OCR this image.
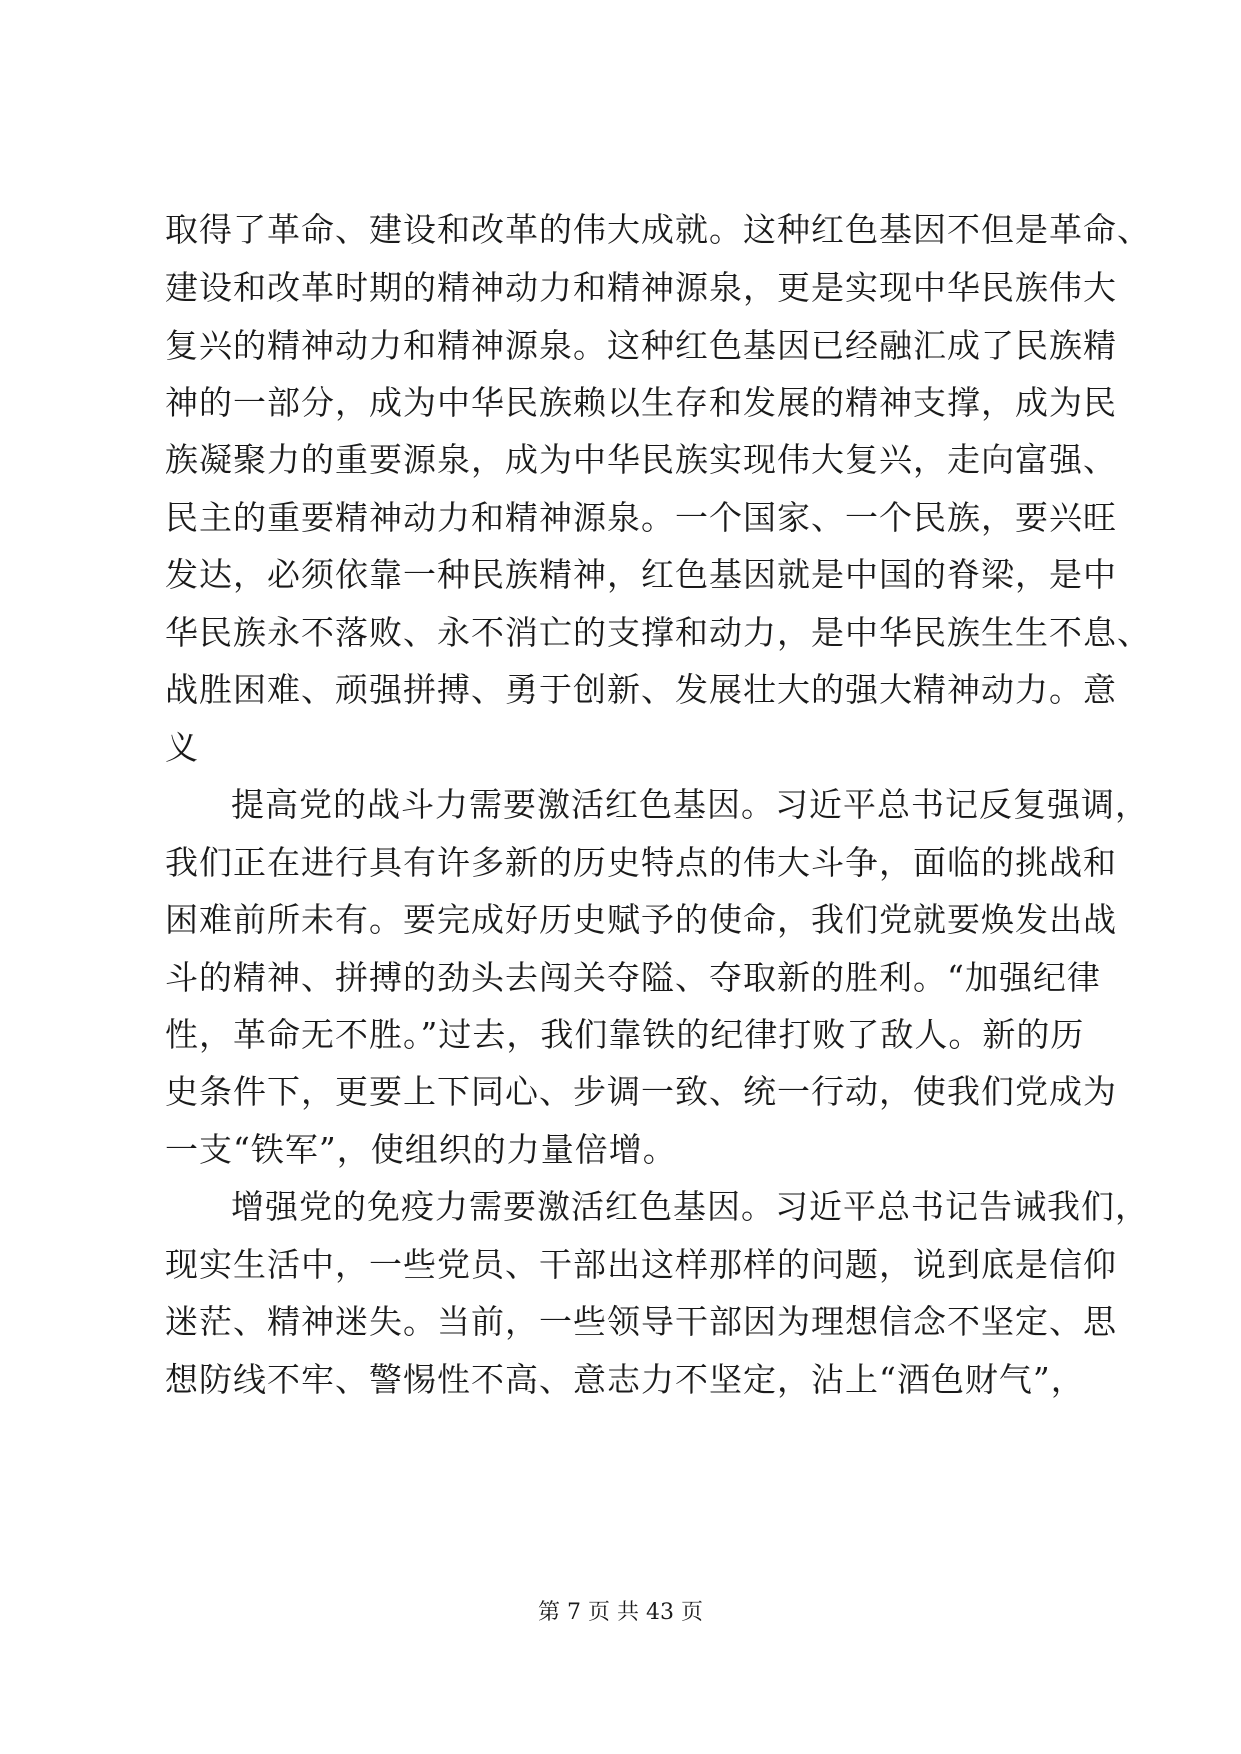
取得了革命、建设和改革的伟大成就。这种红色基因不但是革命、
建设和改革时期的精神动力和精神源泉，更是实现中华民族伟大
复兴的精神动力和精神源泉。这种红色基因已经融汇成了民族精
神的一部分，成为中华民族赖以生存和发展的精神支撑，成为民
族凝聚力的重要源泉，成为中华民族实现伟大复兴，走向富强、
民主的重要精神动力和精神源泉。一个国家、一个民族，要兴旺
发达，必须依靠一种民族精神，红色基因就是中国的脊梁，是中
华民族永不落败、永不消亡的支撑和动力，是中华民族生生不息、
战胜困难、顽强拼搏、勇于创新、发展壮大的强大精神动力。意
义
提高党的战斗力需要激活红色基因。习近平总书记反复强调，
我们正在进行具有许多新的历史特点的伟大斗争，面临的挑战和
困难前所未有。要完成好历史赋予的使命，我们党就要焕发出战
斗的精神、拼搏的劲头去闯关夺隘、夺取新的胜利。“加强纪律
性，革命无不胜。”过去，我们靠铁的纪律打败了敌人。新的历
史条件下，更要上下同心、步调一致、统一行动，使我们党成为
一支“铁军”，使组织的力量倍增。
增强党的免疫力需要激活红色基因。习近平总书记告诫我们，
现实生活中，一些党员、干部出这样那样的问题，说到底是信仰
迷茫、精神迷失。当前，一些领导干部因为理想信念不坚定、思
想防线不牢、警惕性不高、意志力不坚定，沾上“酒色财气”，
第 7 页 共 43 页
